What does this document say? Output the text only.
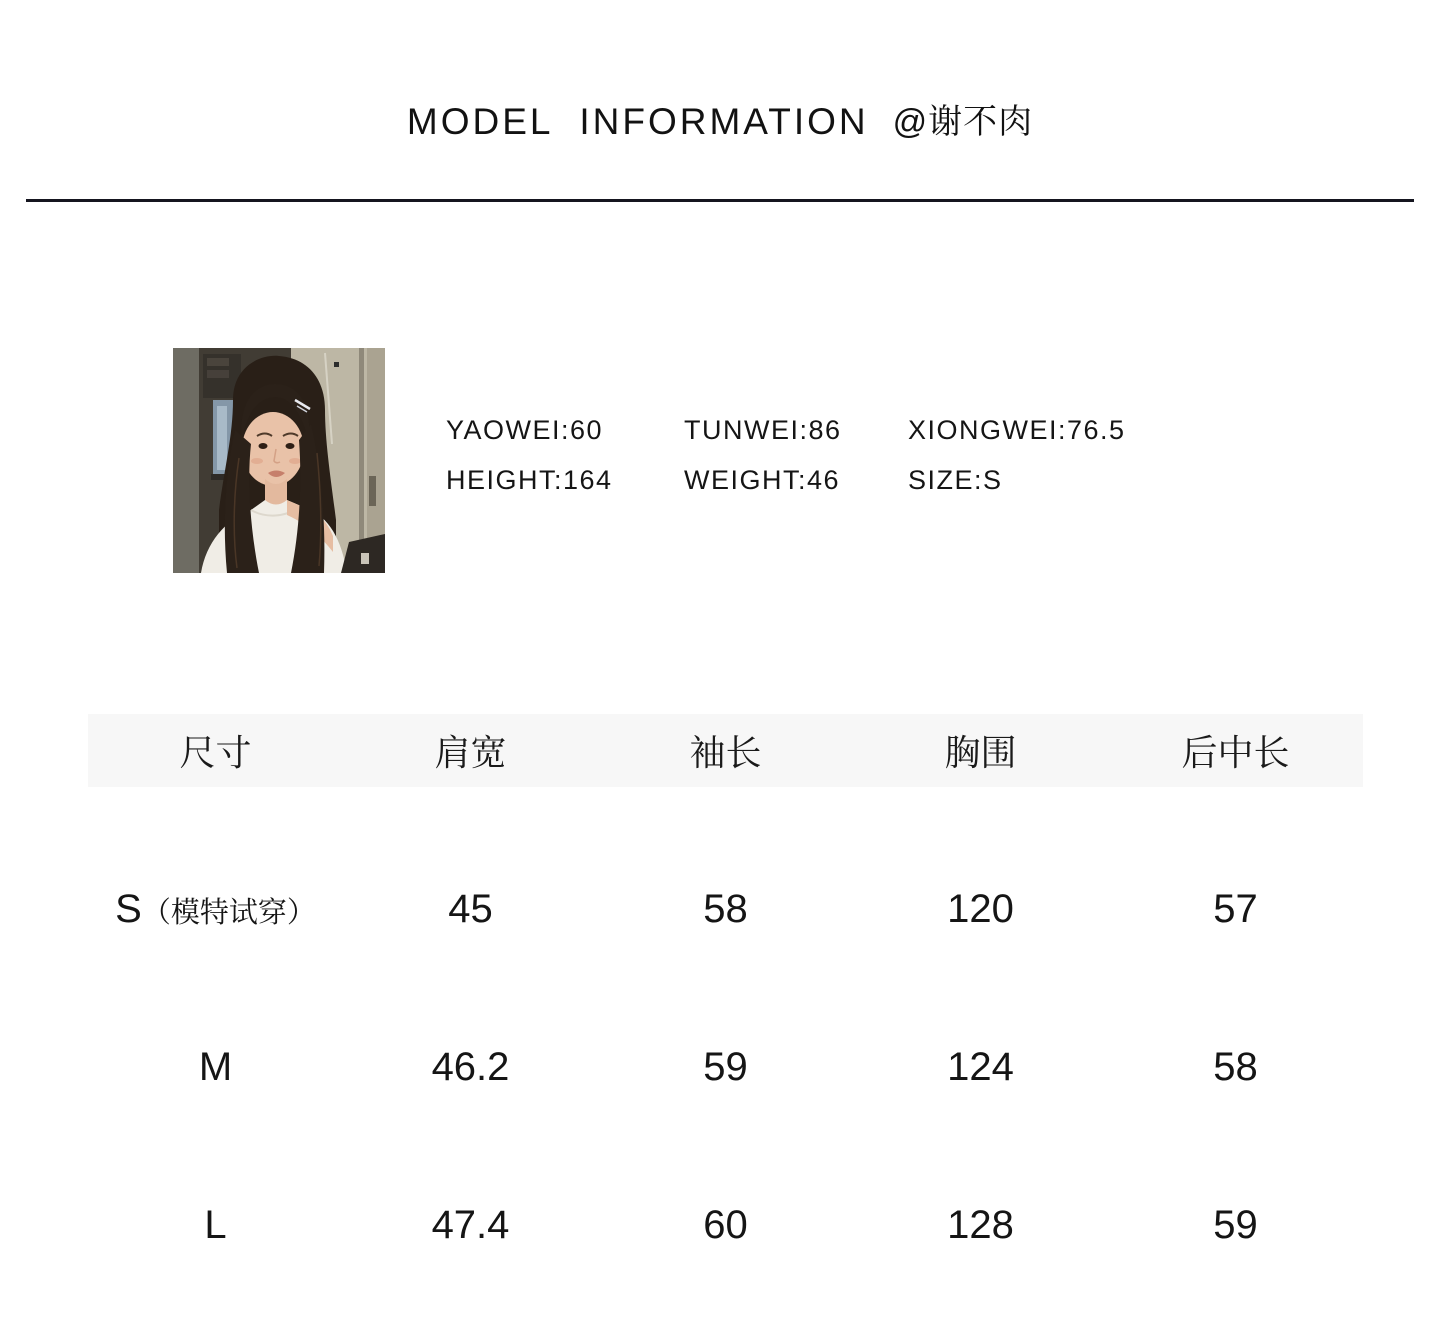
MODEL INFORMATION @谢不肉
YAOWEI:60	TUNWEI:86	XIONGWEI:76.5
HEIGHT:164	WEIGHT:46	SIZE:S
尺寸	肩宽	袖长	胸围	后中长
S（模特试穿）	45	58	120	57
M	46.2	59	124	58
L	47.4	60	128	59
